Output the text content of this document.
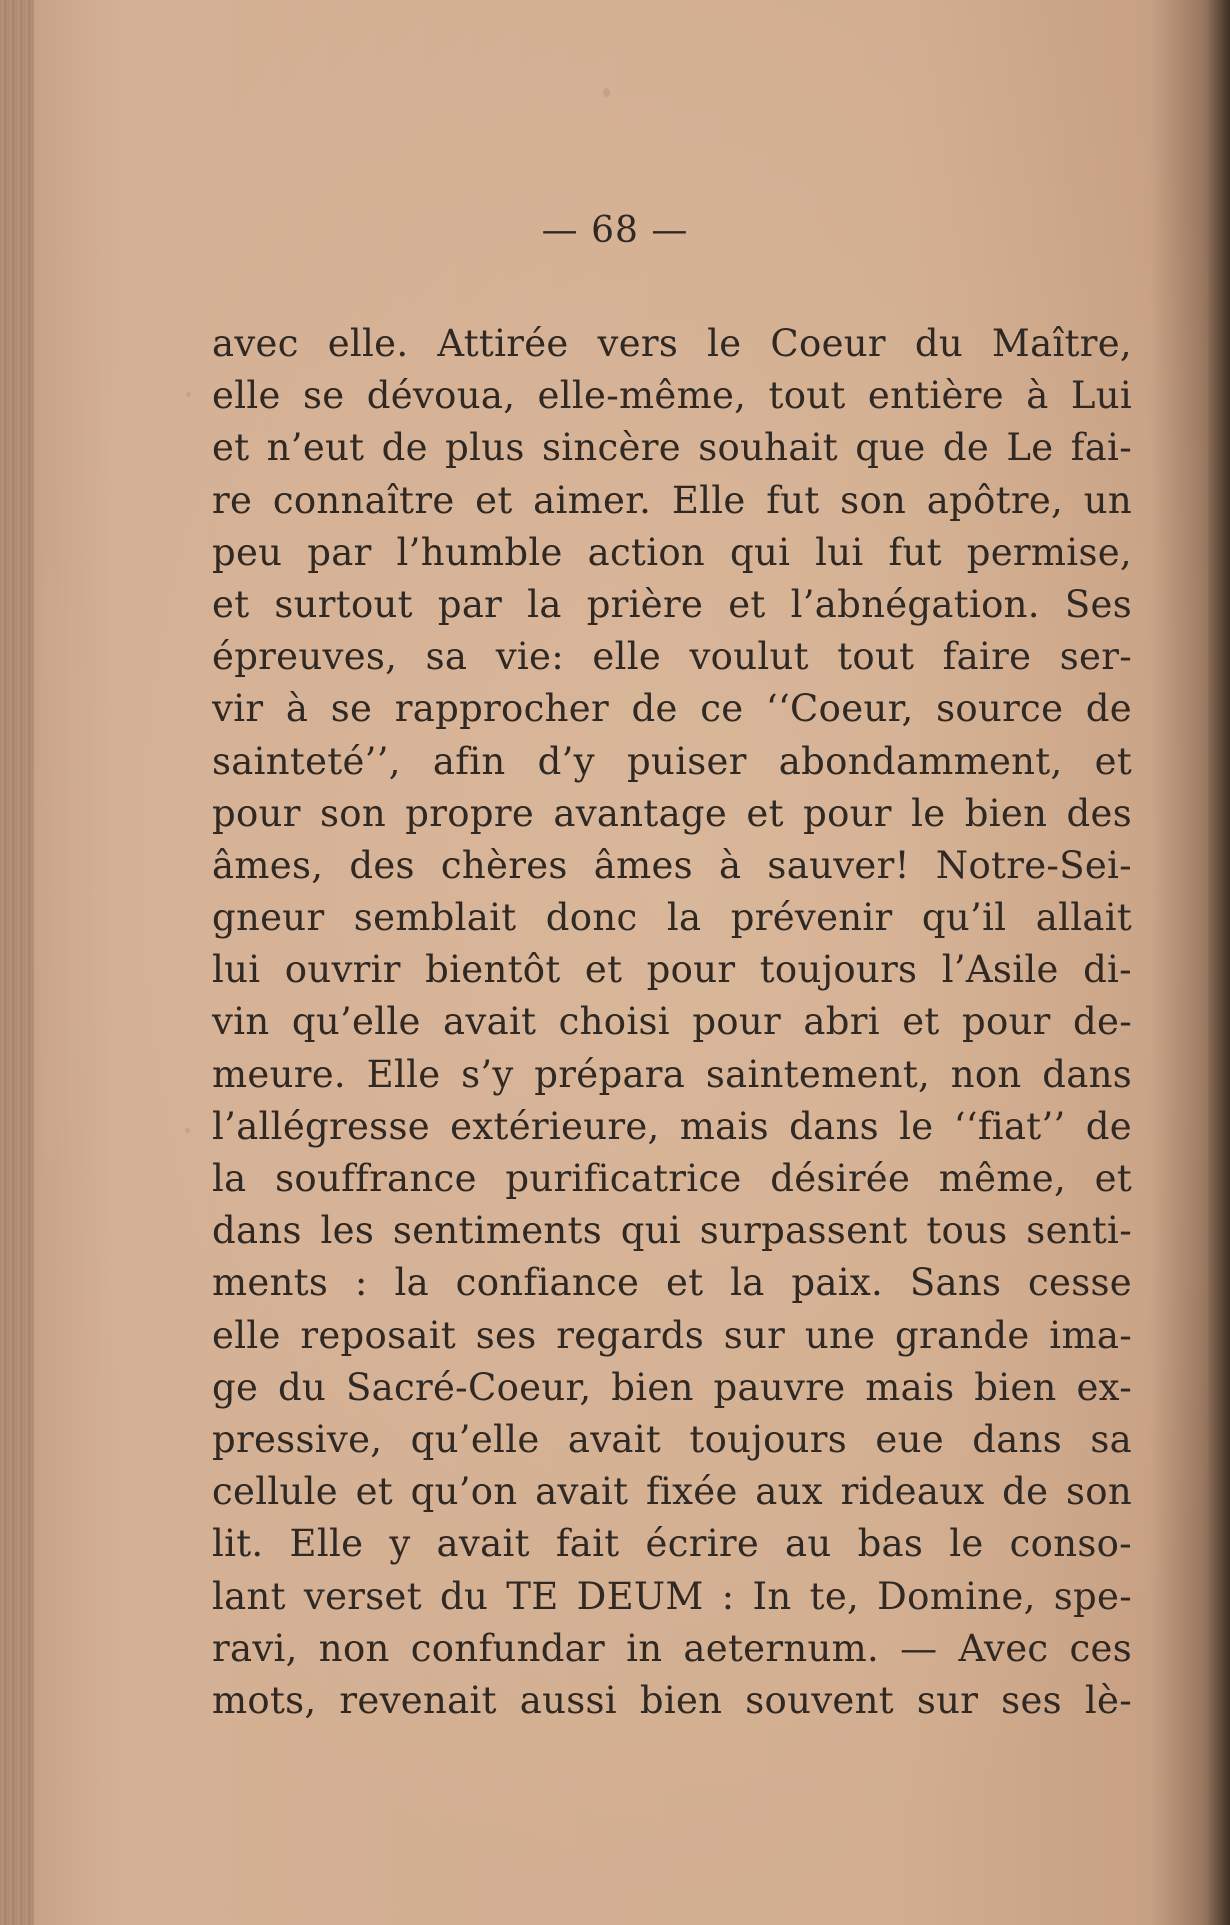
— 68 —
avec elle. Attirée vers le Coeur du Maître,
elle se dévoua, elle-même, tout entière à Lui
et n’eut de plus sincère souhait que de Le fai-
re connaître et aimer. Elle fut son apôtre, un
peu par l’humble action qui lui fut permise,
et surtout par la prière et l’abnégation. Ses
épreuves, sa vie: elle voulut tout faire ser-
vir à se rapprocher de ce ‘‘Coeur, source de
sainteté’’, afin d’y puiser abondamment, et
pour son propre avantage et pour le bien des
âmes, des chères âmes à sauver! Notre-Sei-
gneur semblait donc la prévenir qu’il allait
lui ouvrir bientôt et pour toujours l’Asile di-
vin qu’elle avait choisi pour abri et pour de-
meure. Elle s’y prépara saintement, non dans
l’allégresse extérieure, mais dans le ‘‘fiat’’ de
la souffrance purificatrice désirée même, et
dans les sentiments qui surpassent tous senti-
ments : la confiance et la paix. Sans cesse
elle reposait ses regards sur une grande ima-
ge du Sacré-Coeur, bien pauvre mais bien ex-
pressive, qu’elle avait toujours eue dans sa
cellule et qu’on avait fixée aux rideaux de son
lit. Elle y avait fait écrire au bas le conso-
lant verset du TE DEUM : In te, Domine, spe-
ravi, non confundar in aeternum. — Avec ces
mots, revenait aussi bien souvent sur ses lè-
